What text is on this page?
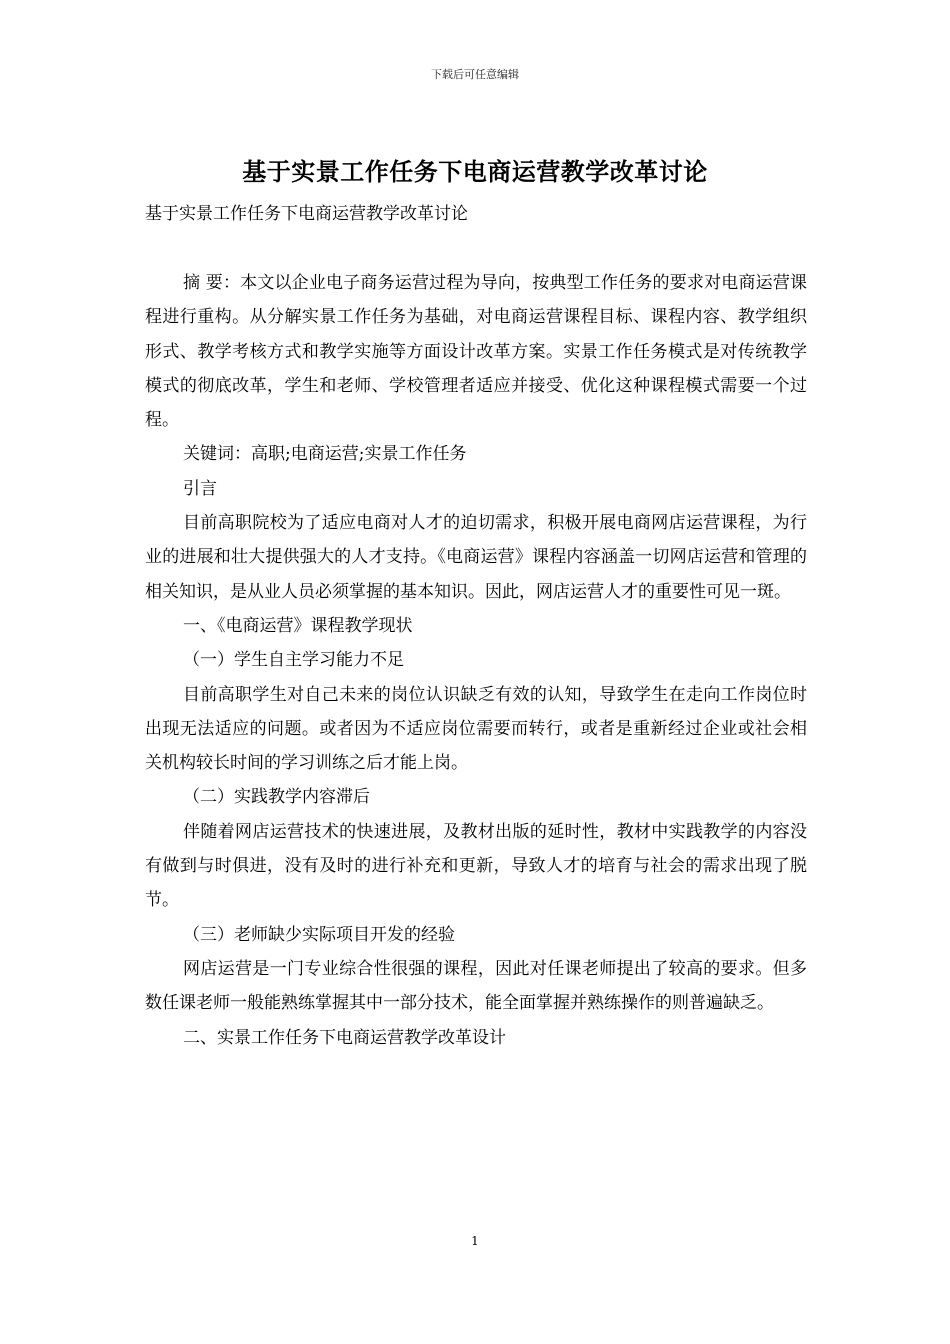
下载后可任意编辑
基于实景工作任务下电商运营教学改革讨论
基于实景工作任务下电商运营教学改革讨论

摘 要：本文以企业电子商务运营过程为导向，按典型工作任务的要求对电商运营课程进行重构。从分解实景工作任务为基础，对电商运营课程目标、课程内容、教学组织形式、教学考核方式和教学实施等方面设计改革方案。实景工作任务模式是对传统教学模式的彻底改革，学生和老师、学校管理者适应并接受、优化这种课程模式需要一个过程。

关键词：高职;电商运营;实景工作任务

引言

目前高职院校为了适应电商对人才的迫切需求，积极开展电商网店运营课程，为行业的进展和壮大提供强大的人才支持。《电商运营》课程内容涵盖一切网店运营和管理的相关知识，是从业人员必须掌握的基本知识。因此，网店运营人才的重要性可见一斑。

一、《电商运营》课程教学现状

（一）学生自主学习能力不足

目前高职学生对自己未来的岗位认识缺乏有效的认知，导致学生在走向工作岗位时出现无法适应的问题。或者因为不适应岗位需要而转行，或者是重新经过企业或社会相关机构较长时间的学习训练之后才能上岗。

（二）实践教学内容滞后

伴随着网店运营技术的快速进展，及教材出版的延时性，教材中实践教学的内容没有做到与时俱进，没有及时的进行补充和更新，导致人才的培育与社会的需求出现了脱节。

（三）老师缺少实际项目开发的经验

网店运营是一门专业综合性很强的课程，因此对任课老师提出了较高的要求。但多数任课老师一般能熟练掌握其中一部分技术，能全面掌握并熟练操作的则普遍缺乏。

二、实景工作任务下电商运营教学改革设计

1
